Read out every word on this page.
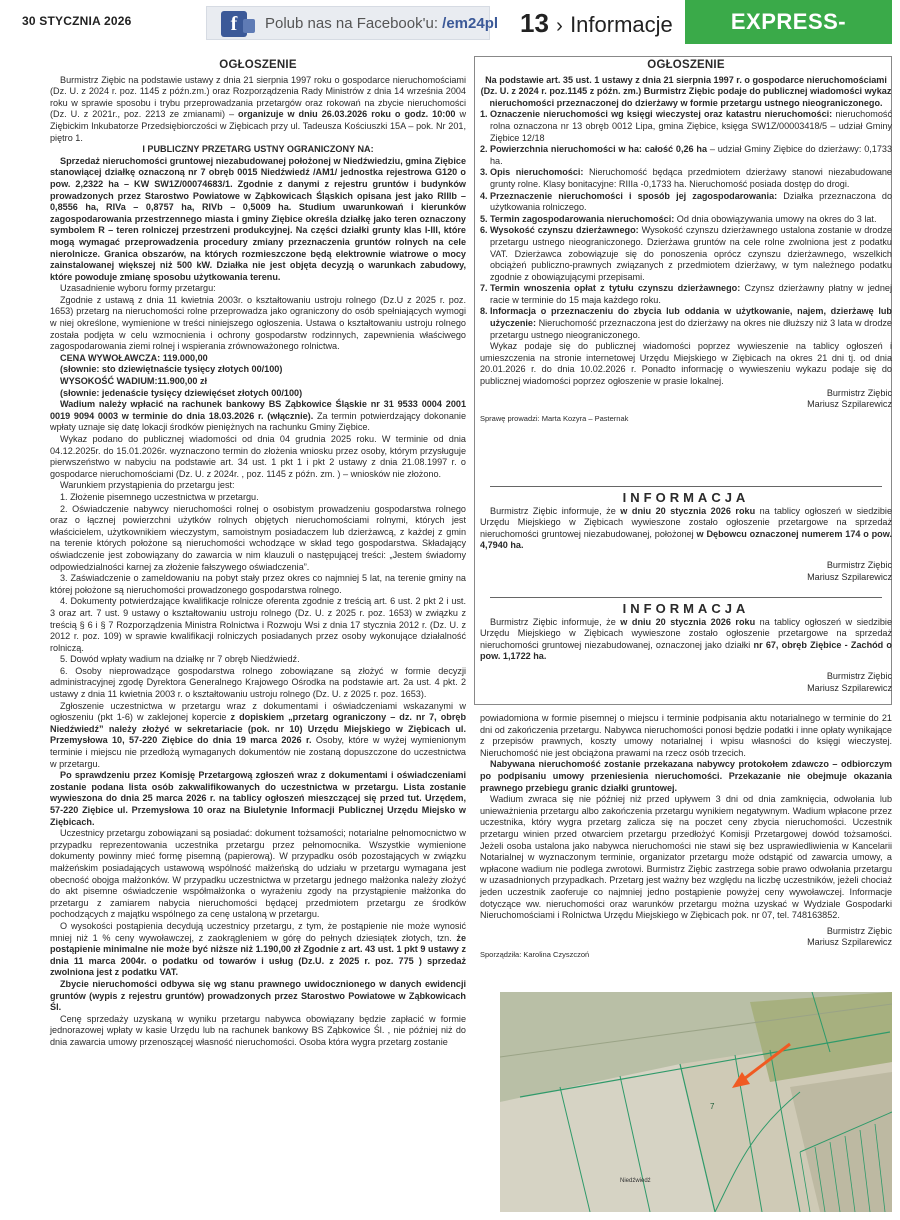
30 STYCZNIA 2026	f	Polub nas na Facebook'u: /em24pl 13 › Informacje	EXPRESS-MIEJSKI.PL
OGŁOSZENIE

Burmistrz Ziębic na podstawie ustawy z dnia 21 sierpnia 1997 roku o gospodarce nieruchomościami (Dz. U. z 2024 r. poz. 1145 z późn.zm.) oraz Rozporządzenia Rady Ministrów z dnia 14 września 2004 roku w sprawie sposobu i trybu przeprowadzania przetargów oraz rokowań na zbycie nieruchomości (Dz. U. z 2021r., poz. 2213 ze zmianami) – organizuje w dniu 26.03.2026 roku o godz. 10:00 w Ziębickim Inkubatorze Przedsiębiorczości w Ziębicach przy ul. Tadeusza Kościuszki 15A – pok. Nr 201, piętro 1.

I PUBLICZNY PRZETARG USTNY OGRANICZONY NA:

Sprzedaż nieruchomości gruntowej niezabudowanej położonej w Niedźwiedziu, gmina Ziębice stanowiącej działkę oznaczoną nr 7 obręb 0015 Niedźwiedź /AM1/ jednostka rejestrowa G120 o pow. 2,2322 ha – KW SW1Z/00074683/1. Zgodnie z danymi z rejestru gruntów i budynków prowadzonych przez Starostwo Powiatowe w Ząbkowicach Śląskich opisana jest jako RIIIb – 0,8556 ha, RIVa – 0,8757 ha, RIVb – 0,5009 ha. Studium uwarunkowań i kierunków zagospodarowania przestrzennego miasta i gminy Ziębice określa działkę jako teren oznaczony symbolem R – teren rolniczej przestrzeni produkcyjnej. Na części działki grunty klas I-III, które mogą wymagać przeprowadzenia procedury zmiany przeznaczenia gruntów rolnych na cele nierolnicze. Granica obszarów, na których rozmieszczone będą elektrownie wiatrowe o mocy zainstalowanej większej niż 500 kW. Działka nie jest objęta decyzją o warunkach zabudowy, które powoduje zmianę sposobu użytkowania terenu.

Uzasadnienie wyboru formy przetargu:

Zgodnie z ustawą z dnia 11 kwietnia 2003r. o kształtowaniu ustroju rolnego (Dz.U z 2025 r. poz. 1653) przetarg na nieruchomości rolne przeprowadza jako ograniczony do osób spełniających wymogi w niej określone, wymienione w treści niniejszego ogłoszenia. Ustawa o kształtowaniu ustroju rolnego została podjęta w celu wzmocnienia i ochrony gospodarstw rodzinnych, zapewnienia właściwego zagospodarowania ziemi rolnej i wspierania zrównoważonego rolnictwa.

CENA WYWOŁAWCZA: 119.000,00

(słownie: sto dziewiętnaście tysięcy złotych 00/100)

WYSOKOŚĆ WADIUM:11.900,00 zł

(słownie: jedenaście tysięcy dziewięćset złotych 00/100)

Wadium należy wpłacić na rachunek bankowy BS Ząbkowice Śląskie nr 31 9533 0004 2001 0019 9094 0003 w terminie do dnia 18.03.2026 r. (włącznie). Za termin potwierdzający dokonanie wpłaty uznaje się datę lokacji środków pieniężnych na rachunku Gminy Ziębice.

Wykaz podano do publicznej wiadomości od dnia 04 grudnia 2025 roku. W terminie od dnia 04.12.2025r. do 15.01.2026r. wyznaczono termin do złożenia wniosku przez osoby, którym przysługuje pierwszeństwo w nabyciu na podstawie art. 34 ust. 1 pkt 1 i pkt 2 ustawy z dnia 21.08.1997 r. o gospodarce nieruchomościami (Dz. U. z 2024r. , poz. 1145 z późn. zm. ) – wniosków nie złożono.

Warunkiem przystąpienia do przetargu jest:

1. Złożenie pisemnego uczestnictwa w przetargu.

2. Oświadczenie nabywcy nieruchomości rolnej o osobistym prowadzeniu gospodarstwa rolnego oraz o łącznej powierzchni użytków rolnych objętych nieruchomościami rolnymi, których jest właścicielem, użytkownikiem wieczystym, samoistnym posiadaczem lub dzierżawcą, z każdej z gmin na terenie których położone są nieruchomości wchodzące w skład tego gospodarstwa. Składający oświadczenie jest zobowiązany do zawarcia w nim klauzuli o następującej treści: „Jestem świadomy odpowiedzialności karnej za złożenie fałszywego oświadczenia”.

3. Zaświadczenie o zameldowaniu na pobyt stały przez okres co najmniej 5 lat, na terenie gminy na której położone są nieruchomości prowadzonego gospodarstwa rolnego.

4. Dokumenty potwierdzające kwalifikacje rolnicze oferenta zgodnie z treścią art. 6 ust. 2 pkt 2 i ust. 3 oraz art. 7 ust. 9 ustawy o kształtowaniu ustroju rolnego (Dz. U. z 2025 r. poz. 1653) w związku z treścią § 6 i § 7 Rozporządzenia Ministra Rolnictwa i Rozwoju Wsi z dnia 17 stycznia 2012 r. (Dz. U. z 2012 r. poz. 109) w sprawie kwalifikacji rolniczych posiadanych przez osoby wykonujące działalność rolniczą.

5. Dowód wpłaty wadium na działkę nr 7 obręb Niedźwiedź.

6. Osoby nieprowadzące gospodarstwa rolnego zobowiązane są złożyć w formie decyzji administracyjnej zgodę Dyrektora Generalnego Krajowego Ośrodka na podstawie art. 2a ust. 4 pkt. 2 ustawy z dnia 11 kwietnia 2003 r. o kształtowaniu ustroju rolnego (Dz. U. z 2025 r. poz. 1653).

Zgłoszenie uczestnictwa w przetargu wraz z dokumentami i oświadczeniami wskazanymi w ogłoszeniu (pkt 1-6) w zaklejonej kopercie z dopiskiem „przetarg ograniczony – dz. nr 7, obręb Niedźwiedź” należy złożyć w sekretariacie (pok. nr 10) Urzędu Miejskiego w Ziębicach ul. Przemysłowa 10, 57-220 Ziębice do dnia 19 marca 2026 r. Osoby, które w wyżej wymienionym terminie i miejscu nie przedłożą wymaganych dokumentów nie zostaną dopuszczone do uczestnictwa w przetargu.

Po sprawdzeniu przez Komisję Przetargową zgłoszeń wraz z dokumentami i oświadczeniami zostanie podana lista osób zakwalifikowanych do uczestnictwa w przetargu. Lista zostanie wywieszona do dnia 25 marca 2026 r. na tablicy ogłoszeń mieszczącej się przed tut. Urzędem, 57-220 Ziębice ul. Przemysłowa 10 oraz na Biuletynie Informacji Publicznej Urzędu Miejsko w Ziębicach.

Uczestnicy przetargu zobowiązani są posiadać: dokument tożsamości; notarialne pełnomocnictwo w przypadku reprezentowania uczestnika przetargu przez pełnomocnika. Wszystkie wymienione dokumenty powinny mieć formę pisemną (papierową). W przypadku osób pozostających w związku małżeńskim posiadających ustawową wspólność małżeńską do udziału w przetargu wymagana jest obecność obojga małżonków. W przypadku uczestnictwa w przetargu jednego małżonka należy złożyć do akt pisemne oświadczenie współmałżonka o wyrażeniu zgody na przystąpienie małżonka do przetargu z zamiarem nabycia nieruchomości będącej przedmiotem przetargu ze środków pochodzących z majątku wspólnego za cenę ustaloną w przetargu.

O wysokości postąpienia decydują uczestnicy przetargu, z tym, że postąpienie nie może wynosić mniej niż 1 % ceny wywoławczej, z zaokrągleniem w górę do pełnych dziesiątek złotych, tzn. że postąpienie minimalne nie może być niższe niż 1.190,00 zł Zgodnie z art. 43 ust. 1 pkt 9 ustawy z dnia 11 marca 2004r. o podatku od towarów i usług (Dz.U. z 2025 r. poz. 775 ) sprzedaż zwolniona jest z podatku VAT.

Zbycie nieruchomości odbywa się wg stanu prawnego uwidocznionego w danych ewidencji gruntów (wypis z rejestru gruntów) prowadzonych przez Starostwo Powiatowe w Ząbkowicach Śl.

Cenę sprzedaży uzyskaną w wyniku przetargu nabywca obowiązany będzie zapłacić w formie jednorazowej wpłaty w kasie Urzędu lub na rachunek bankowy BS Ząbkowice Śl. , nie później niż do dnia zawarcia umowy przenoszącej własność nieruchomości. Osoba która wygra przetarg zostanie

OGŁOSZENIE

Na podstawie art. 35 ust. 1 ustawy z dnia 21 sierpnia 1997 r. o gospodarce nieruchomościami (Dz. U. z 2024 r. poz.1145 z późn. zm.) Burmistrz Ziębic podaje do publicznej wiadomości wykaz nieruchomości przeznaczonej do dzierżawy w formie przetargu ustnego nieograniczonego.

1. Oznaczenie nieruchomości wg księgi wieczystej oraz katastru nieruchomości: nieruchomość rolna oznaczona nr 13 obręb 0012 Lipa, gmina Ziębice, księga SW1Z/00003418/5 – udział Gminy Ziębice 12/18
2. Powierzchnia nieruchomości w ha: całość 0,26 ha – udział Gminy Ziębice do dzierżawy: 0,1733 ha.
3. Opis nieruchomości: Nieruchomość będąca przedmiotem dzierżawy stanowi niezabudowane grunty rolne. Klasy bonitacyjne: RIIIa -0,1733 ha. Nieruchomość posiada dostęp do drogi.
4. Przeznaczenie nieruchomości i sposób jej zagospodarowania: Działka przeznaczona do użytkowania rolniczego.
5. Termin zagospodarowania nieruchomości: Od dnia obowiązywania umowy na okres do 3 lat.
6. Wysokość czynszu dzierżawnego: Wysokość czynszu dzierżawnego ustalona zostanie w drodze przetargu ustnego nieograniczonego. Dzierżawa gruntów na cele rolne zwolniona jest z podatku VAT. Dzierżawca zobowiązuje się do ponoszenia oprócz czynszu dzierżawnego, wszelkich obciążeń publiczno-prawnych związanych z przedmiotem dzierżawy, w tym należnego podatku zgodnie z obowiązującymi przepisami.
7. Termin wnoszenia opłat z tytułu czynszu dzierżawnego: Czynsz dzierżawny płatny w jednej racie w terminie do 15 maja każdego roku.
8. Informacja o przeznaczeniu do zbycia lub oddania w użytkowanie, najem, dzierżawę lub użyczenie: Nieruchomość przeznaczona jest do dzierżawy na okres nie dłuższy niż 3 lata w drodze przetargu ustnego nieograniczonego.

Wykaz podaje się do publicznej wiadomości poprzez wywieszenie na tablicy ogłoszeń i umieszczenia na stronie internetowej Urzędu Miejskiego w Ziębicach na okres 21 dni tj. od dnia 20.01.2026 r. do dnia 10.02.2026 r. Ponadto informację o wywieszeniu wykazu podaje się do publicznej wiadomości poprzez ogłoszenie w prasie lokalnej.

Burmistrz Ziębic

Mariusz Szpilarewicz

Sprawę prowadzi: Marta Kozyra – Pasternak

INFORMACJA

Burmistrz Ziębic informuje, że w dniu 20 stycznia 2026 roku na tablicy ogłoszeń w siedzibie Urzędu Miejskiego w Ziębicach wywieszone zostało ogłoszenie przetargowe na sprzedaż nieruchomości gruntowej niezabudowanej, położonej w Dębowcu oznaczonej numerem 174 o pow. 4,7940 ha.

Burmistrz Ziębic

Mariusz Szpilarewicz

INFORMACJA

Burmistrz Ziębic informuje, że w dniu 20 stycznia 2026 roku na tablicy ogłoszeń w siedzibie Urzędu Miejskiego w Ziębicach wywieszone zostało ogłoszenie przetargowe na sprzedaż nieruchomości gruntowej niezabudowanej, oznaczonej jako działki nr 67, obręb Ziębice - Zachód o pow. 1,1722 ha.

Burmistrz Ziębic

Mariusz Szpilarewicz

powiadomiona w formie pisemnej o miejscu i terminie podpisania aktu notarialnego w terminie do 21 dni od zakończenia przetargu. Nabywca nieruchomości ponosi będzie podatki i inne opłaty wynikające z przepisów prawnych, koszty umowy notarialnej i wpisu własności do księgi wieczystej. Nieruchomość nie jest obciążona prawami na rzecz osób trzecich.

Nabywana nieruchomość zostanie przekazana nabywcy protokołem zdawczo – odbiorczym po podpisaniu umowy przeniesienia nieruchomości. Przekazanie nie obejmuje okazania prawnego przebiegu granic działki gruntowej.

Wadium zwraca się nie później niż przed upływem 3 dni od dnia zamknięcia, odwołania lub unieważnienia przetargu albo zakończenia przetargu wynikiem negatywnym. Wadium wpłacone przez uczestnika, który wygra przetarg zalicza się na poczet ceny zbycia nieruchomości. Uczestnik przetargu winien przed otwarciem przetargu przedłożyć Komisji Przetargowej dowód tożsamości. Jeżeli osoba ustalona jako nabywca nieruchomości nie stawi się bez usprawiedliwienia w Kancelarii Notarialnej w wyznaczonym terminie, organizator przetargu może odstąpić od zawarcia umowy, a wpłacone wadium nie podlega zwrotowi. Burmistrz Ziębic zastrzega sobie prawo odwołania przetargu w uzasadnionych przypadkach. Przetarg jest ważny bez względu na liczbę uczestników, jeżeli chociaż jeden uczestnik zaoferuje co najmniej jedno postąpienie powyżej ceny wywoławczej. Informacje dotyczące ww. nieruchomości oraz warunków przetargu można uzyskać w Wydziale Gospodarki Nieruchomościami i Rolnictwa Urzędu Miejskiego w Ziębicach pok. nr 07, tel. 748163852.

Burmistrz Ziębic

Mariusz Szpilarewicz

Sporządziła: Karolina Czyszczoń

7
Niedźwiedź
